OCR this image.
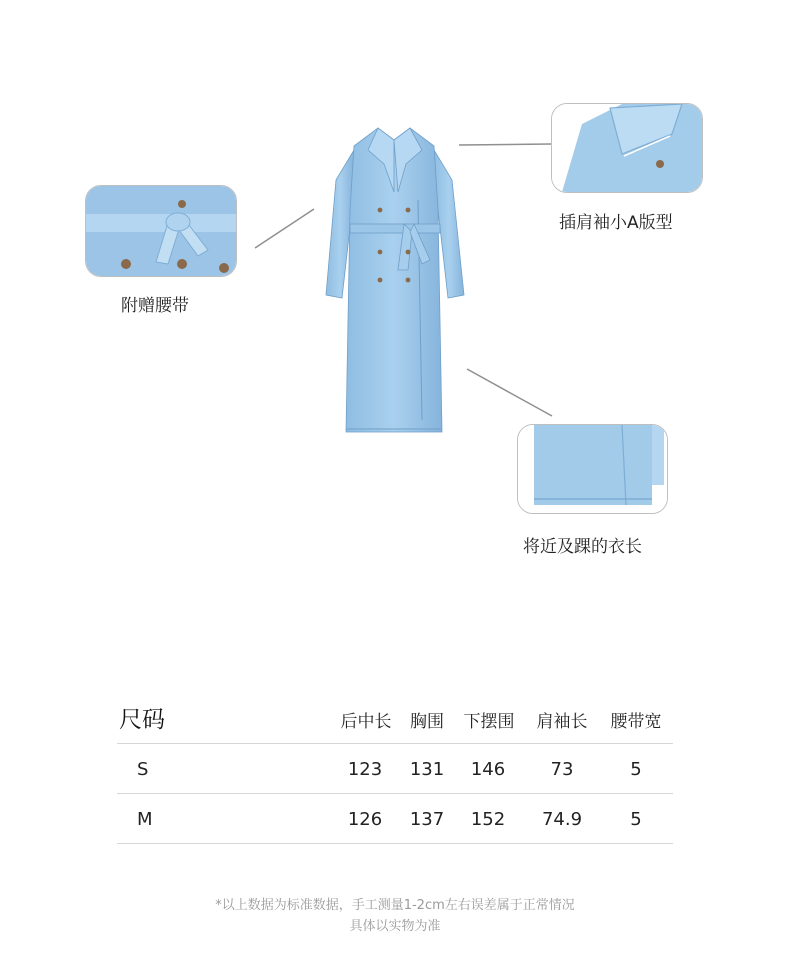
附赠腰带
插肩袖小A版型
将近及踝的衣长
尺码	后中长 胸围 下摆围 肩袖长 腰带宽
S	123 131 146	73	5
M	126 137 152 74.9	5
*以上数据为标准数据，手工测量1-2cm左右误差属于正常情况
具体以实物为准
